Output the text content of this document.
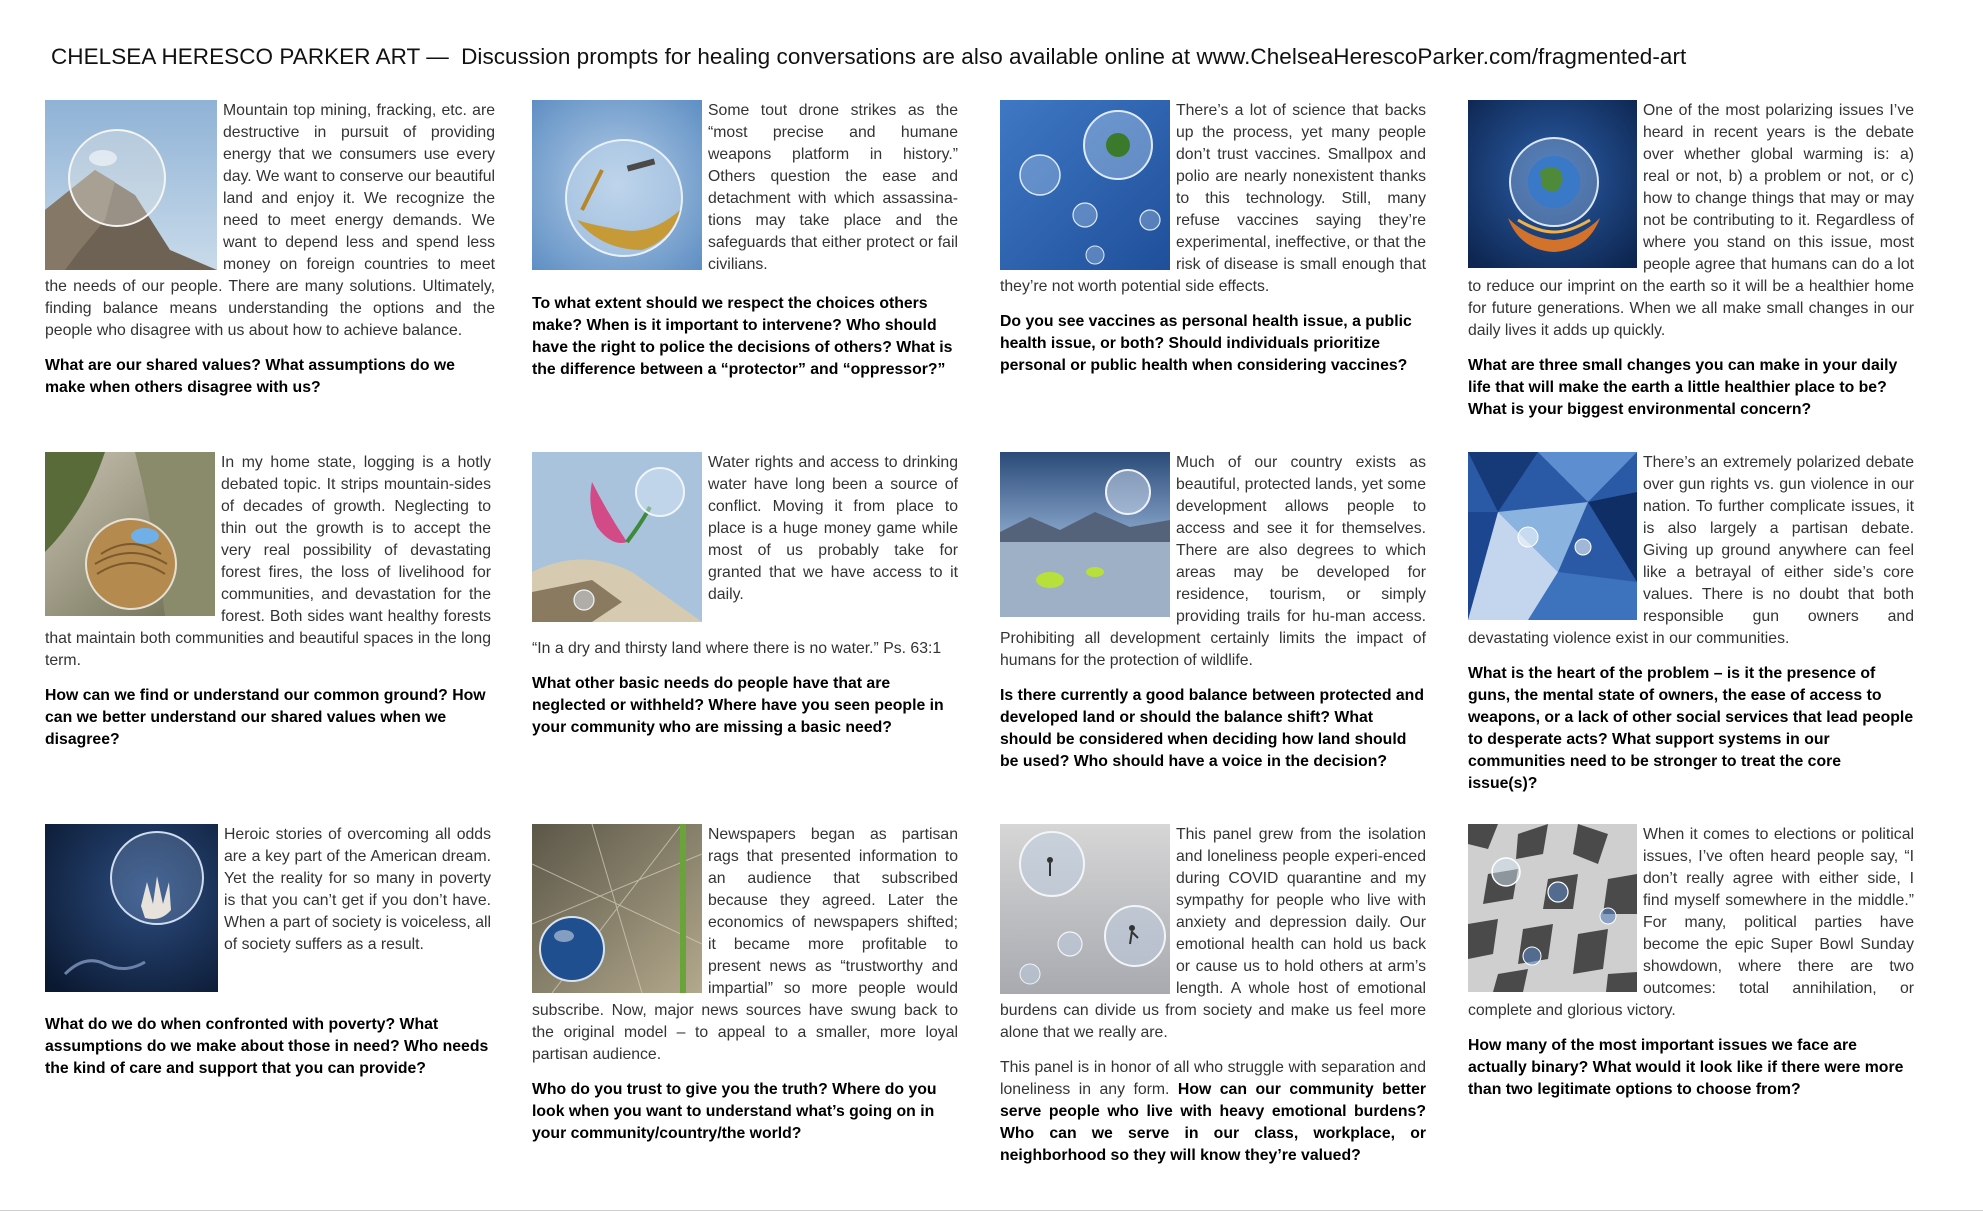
CHELSEA HERESCO PARKER ART — Discussion prompts for healing conversations are also available online at www.ChelseaHerescoParker.com/fragmented-art

Mountain top mining, fracking, etc. are destructive in pursuit of providing energy that we consumers use every day. We want to conserve our beautiful land and enjoy it. We recognize the need to meet energy demands. We want to depend less and spend less money on foreign countries to meet the needs of our people. There are many solutions. Ultimately, finding balance means understanding the options and the people who disagree with us about how to achieve balance.

What are our shared values? What assumptions do we make when others disagree with us?

Some tout drone strikes as the “most precise and humane weapons platform in history.” Others question the ease and detachment with which assassina-tions may take place and the safeguards that either protect or fail civilians.

To what extent should we respect the choices others make? When is it important to intervene? Who should have the right to police the decisions of others? What is the difference between a “protector” and “oppressor?”

There’s a lot of science that backs up the process, yet many people don’t trust vaccines. Smallpox and polio are nearly nonexistent thanks to this technology. Still, many refuse vaccines saying they’re experimental, ineffective, or that the risk of disease is small enough that they’re not worth potential side effects.

Do you see vaccines as personal health issue, a public health issue, or both? Should individuals prioritize personal or public health when considering vaccines?

One of the most polarizing issues I’ve heard in recent years is the debate over whether global warming is: a) real or not, b) a problem or not, or c) how to change things that may or may not be contributing to it. Regardless of where you stand on this issue, most people agree that humans can do a lot to reduce our imprint on the earth so it will be a healthier home for future generations. When we all make small changes in our daily lives it adds up quickly.

What are three small changes you can make in your daily life that will make the earth a little healthier place to be? What is your biggest environmental concern?

In my home state, logging is a hotly debated topic. It strips mountain-sides of decades of growth. Neglecting to thin out the growth is to accept the very real possibility of devastating forest fires, the loss of livelihood for communities, and devastation for the forest. Both sides want healthy forests that maintain both communities and beautiful spaces in the long term.

How can we find or understand our common ground? How can we better understand our shared values when we disagree?

Water rights and access to drinking water have long been a source of conflict. Moving it from place to place is a huge money game while most of us probably take for granted that we have access to it daily.

“In a dry and thirsty land where there is no water.” Ps. 63:1

What other basic needs do people have that are neglected or withheld? Where have you seen people in your community who are missing a basic need?

Much of our country exists as beautiful, protected lands, yet some development allows people to access and see it for themselves. There are also degrees to which areas may be developed for residence, tourism, or simply providing trails for hu-man access. Prohibiting all development certainly limits the impact of humans for the protection of wildlife.

Is there currently a good balance between protected and developed land or should the balance shift? What should be considered when deciding how land should be used? Who should have a voice in the decision?

There’s an extremely polarized debate over gun rights vs. gun violence in our nation. To further complicate issues, it is also largely a partisan debate. Giving up ground anywhere can feel like a betrayal of either side’s core values. There is no doubt that both responsible gun owners and devastating violence exist in our communities.

What is the heart of the problem – is it the presence of guns, the mental state of owners, the ease of access to weapons, or a lack of other social services that lead people to desperate acts? What support systems in our communities need to be stronger to treat the core issue(s)?

Heroic stories of overcoming all odds are a key part of the American dream. Yet the reality for so many in poverty is that you can’t get if you don’t have. When a part of society is voiceless, all of society suffers as a result.

What do we do when confronted with poverty? What assumptions do we make about those in need? Who needs the kind of care and support that you can provide?

Newspapers began as partisan rags that presented information to an audience that subscribed because they agreed. Later the economics of newspapers shifted; it became more profitable to present news as “trustworthy and impartial” so more people would subscribe. Now, major news sources have swung back to the original model – to appeal to a smaller, more loyal partisan audience.

Who do you trust to give you the truth? Where do you look when you want to understand what’s going on in your community/country/the world?

This panel grew from the isolation and loneliness people experi-enced during COVID quarantine and my sympathy for people who live with anxiety and depression daily. Our emotional health can hold us back or cause us to hold others at arm’s length. A whole host of emotional burdens can divide us from society and make us feel more alone that we really are.

This panel is in honor of all who struggle with separation and loneliness in any form. How can our community better serve people who live with heavy emotional burdens? Who can we serve in our class, workplace, or neighborhood so they will know they’re valued?

When it comes to elections or political issues, I’ve often heard people say, “I don’t really agree with either side, I find myself somewhere in the middle.” For many, political parties have become the epic Super Bowl Sunday showdown, where there are two outcomes: total annihilation, or complete and glorious victory.

How many of the most important issues we face are actually binary? What would it look like if there were more than two legitimate options to choose from?
